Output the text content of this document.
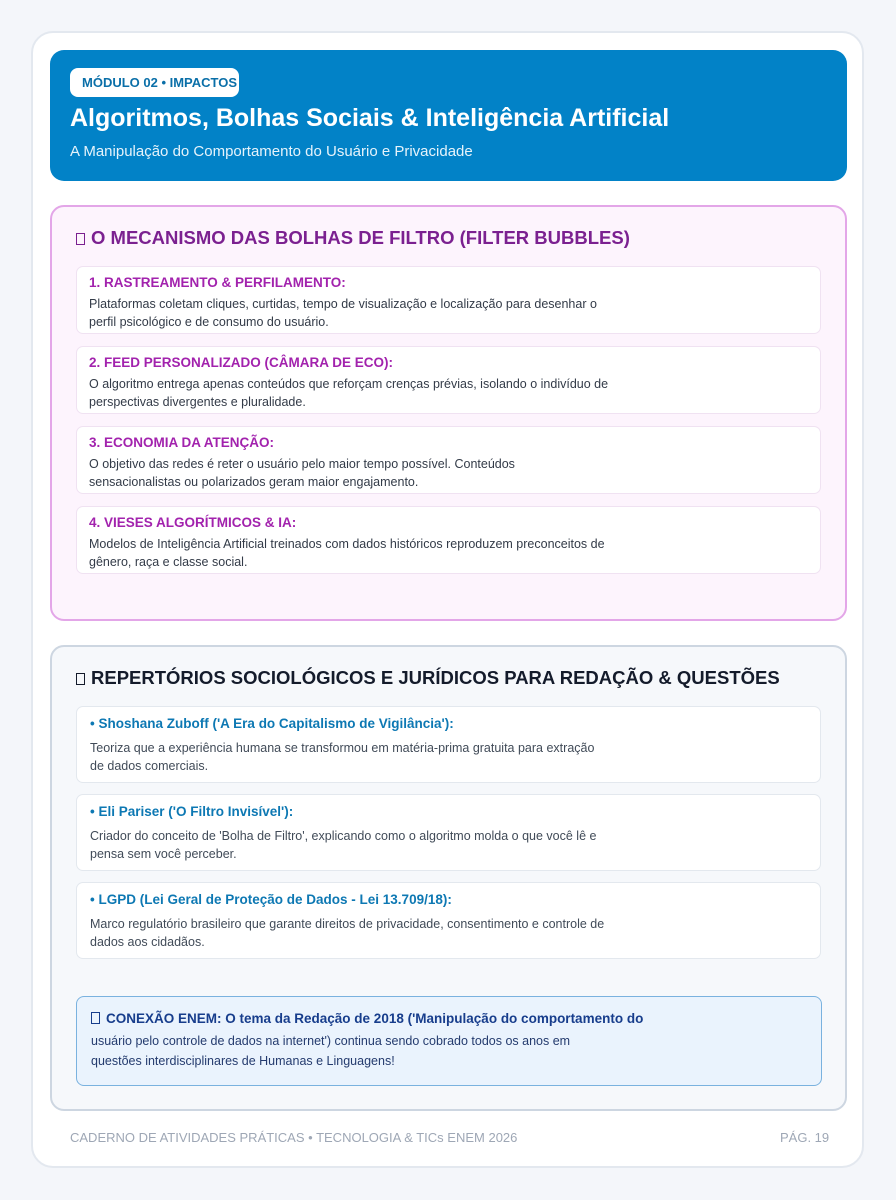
MÓDULO 02 • IMPACTOS
Algoritmos, Bolhas Sociais & Inteligência Artificial
A Manipulação do Comportamento do Usuário e Privacidade
O MECANISMO DAS BOLHAS DE FILTRO (FILTER BUBBLES)
1. RASTREAMENTO & PERFILAMENTO:
Plataformas coletam cliques, curtidas, tempo de visualização e localização para desenhar o perfil psicológico e de consumo do usuário.
2. FEED PERSONALIZADO (CÂMARA DE ECO):
O algoritmo entrega apenas conteúdos que reforçam crenças prévias, isolando o indivíduo de perspectivas divergentes e pluralidade.
3. ECONOMIA DA ATENÇÃO:
O objetivo das redes é reter o usuário pelo maior tempo possível. Conteúdos sensacionalistas ou polarizados geram maior engajamento.
4. VIESES ALGORÍTMICOS & IA:
Modelos de Inteligência Artificial treinados com dados históricos reproduzem preconceitos de gênero, raça e classe social.
REPERTÓRIOS SOCIOLÓGICOS E JURÍDICOS PARA REDAÇÃO & QUESTÕES
• Shoshana Zuboff ('A Era do Capitalismo de Vigilância'):
Teoriza que a experiência humana se transformou em matéria-prima gratuita para extração de dados comerciais.
• Eli Pariser ('O Filtro Invisível'):
Criador do conceito de 'Bolha de Filtro', explicando como o algoritmo molda o que você lê e pensa sem você perceber.
• LGPD (Lei Geral de Proteção de Dados - Lei 13.709/18):
Marco regulatório brasileiro que garante direitos de privacidade, consentimento e controle de dados aos cidadãos.
CONEXÃO ENEM: O tema da Redação de 2018 ('Manipulação do comportamento do
usuário pelo controle de dados na internet') continua sendo cobrado todos os anos em questões interdisciplinares de Humanas e Linguagens!
CADERNO DE ATIVIDADES PRÁTICAS • TECNOLOGIA & TICs ENEM 2026	PÁG. 19
